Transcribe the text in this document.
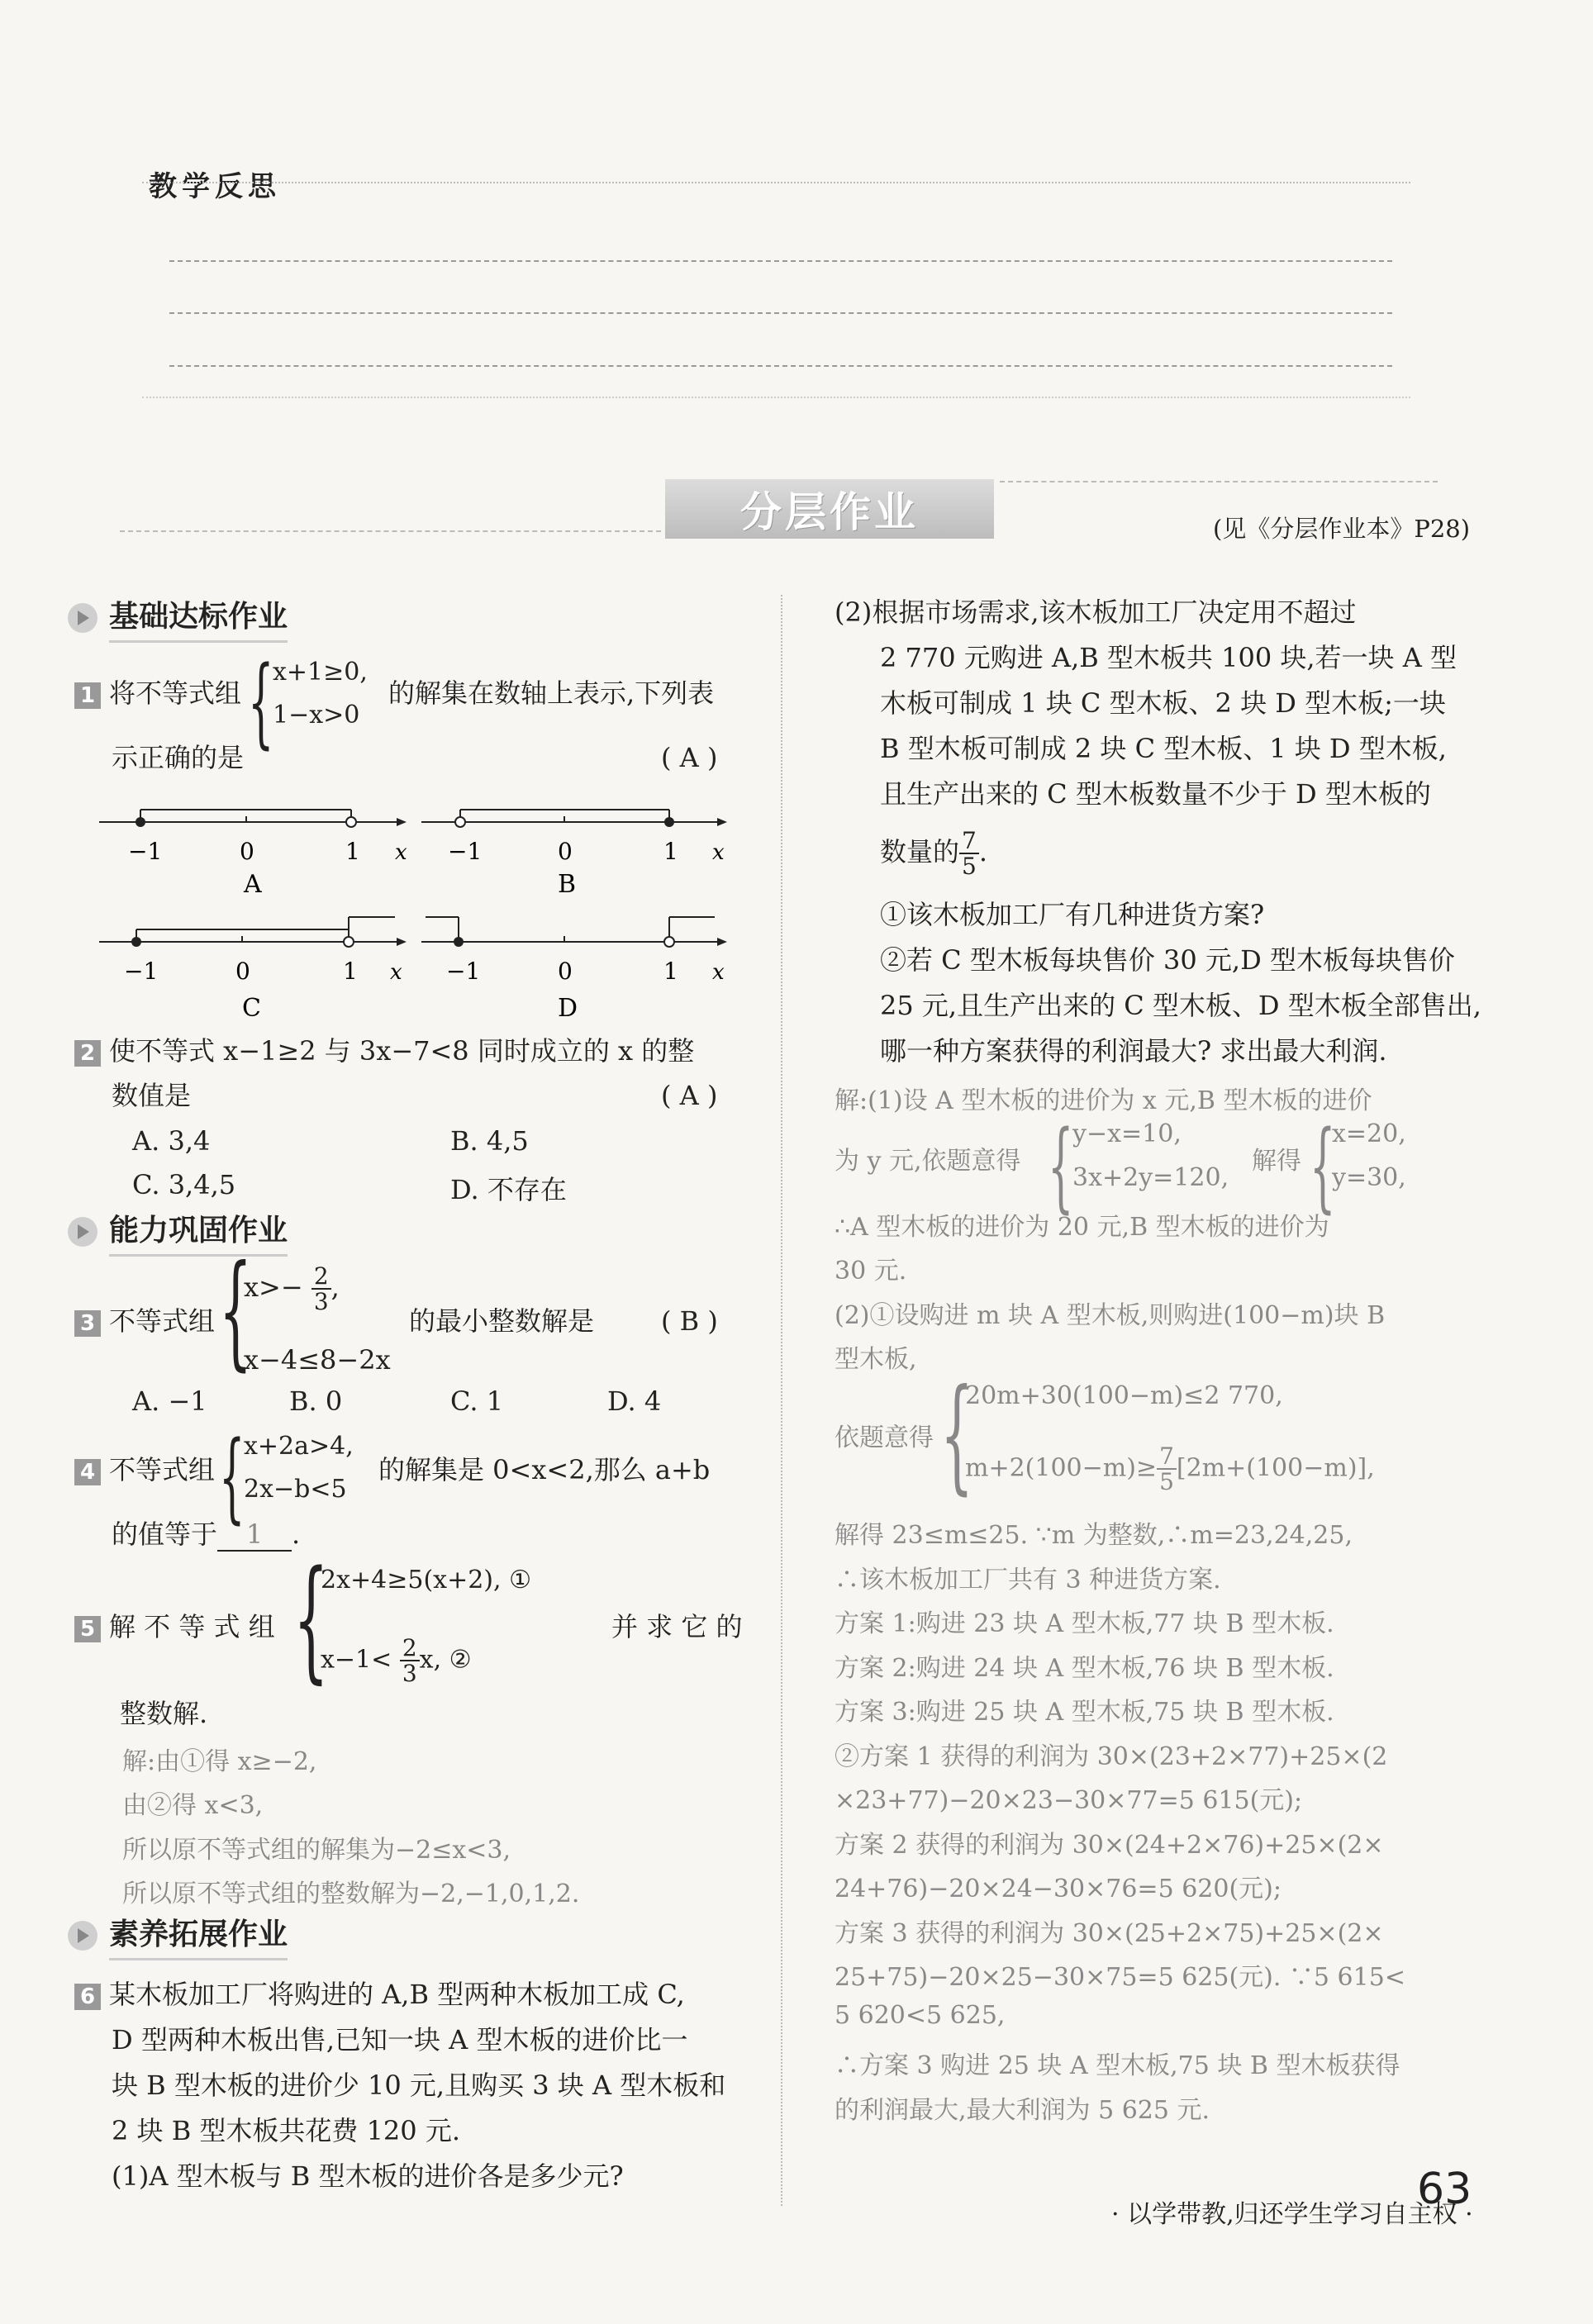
教学反思
分层作业	(见《分层作业本》P28)
基础达标作业
1 将不等式组 {
x+1≥0,
1−x>0
的解集在数轴上表示,下列表
示正确的是	( A )
−1	0	1 x
A
−1	0	1 x
B
−1	0	1 x
C
−1	0	1 x
D
2 使不等式 x−1≥2 与 3x−7<8 同时成立的 x 的整
数值是	( A )
A. 3,4	B. 4,5
C. 3,4,5	D. 不存在
能力巩固作业
{
$x>- \frac{2}{3}$ ,
x−4≤8−2x
3 不等式组	的最小整数解是	( B )
A. −1	B. 0	C. 1	D. 4
4 不等式组 {
x+2a>4,
2x−b<5
的解集是 0<x<2,那么 a+b
的值等于 1 .
5 解 不 等 式 组 {
2x+4≥5(x+2), ①
$x-1< \frac{2}{3} x$, ②
并 求 它 的
整数解.
解:由①得 x≥−2,
由②得 x<3,
所以原不等式组的解集为−2≤x<3,
所以原不等式组的整数解为−2,−1,0,1,2.
素养拓展作业
6 某木板加工厂将购进的 A,B 型两种木板加工成 C,
D 型两种木板出售,已知一块 A 型木板的进价比一
块 B 型木板的进价少 10 元,且购买 3 块 A 型木板和
2 块 B 型木板共花费 120 元.
(1)A 型木板与 B 型木板的进价各是多少元?
(2)根据市场需求,该木板加工厂决定用不超过
2 770 元购进 A,B 型木板共 100 块,若一块 A 型
木板可制成 1 块 C 型木板、2 块 D 型木板;一块
B 型木板可制成 2 块 C 型木板、1 块 D 型木板,
且生产出来的 C 型木板数量不少于 D 型木板的
数量的 $\frac{7}{5}$ .
①该木板加工厂有几种进货方案?
②若 C 型木板每块售价 30 元,D 型木板每块售价
25 元,且生产出来的 C 型木板、D 型木板全部售出,
哪一种方案获得的利润最大? 求出最大利润.
解:(1)设 A 型木板的进价为 x 元,B 型木板的进价
为 y 元,依题意得 {
y−x=10,
3x+2y=120,
解得 {
x=20,
y=30,
∴A 型木板的进价为 20 元,B 型木板的进价为
30 元.
(2)①设购进 m 块 A 型木板,则购进(100−m)块 B
型木板,
依题意得 {
20m+30(100−m)≤2 770,
$m+2(100-m)\ge \frac{7}{5} [2m+(100-m)]$,
解得 23≤m≤25. ∵m 为整数,∴m=23,24,25,
∴该木板加工厂共有 3 种进货方案.
方案 1:购进 23 块 A 型木板,77 块 B 型木板.
方案 2:购进 24 块 A 型木板,76 块 B 型木板.
方案 3:购进 25 块 A 型木板,75 块 B 型木板.
②方案 1 获得的利润为 30×(23+2×77)+25×(2
×23+77)−20×23−30×77=5 615(元);
方案 2 获得的利润为 30×(24+2×76)+25×(2×
24+76)−20×24−30×76=5 620(元);
方案 3 获得的利润为 30×(25+2×75)+25×(2×
25+75)−20×25−30×75=5 625(元). ∵5 615<
5 620<5 625,
∴方案 3 购进 25 块 A 型木板,75 块 B 型木板获得
的利润最大,最大利润为 5 625 元.
· 以学带教,归还学生学习自主权 ·
63
